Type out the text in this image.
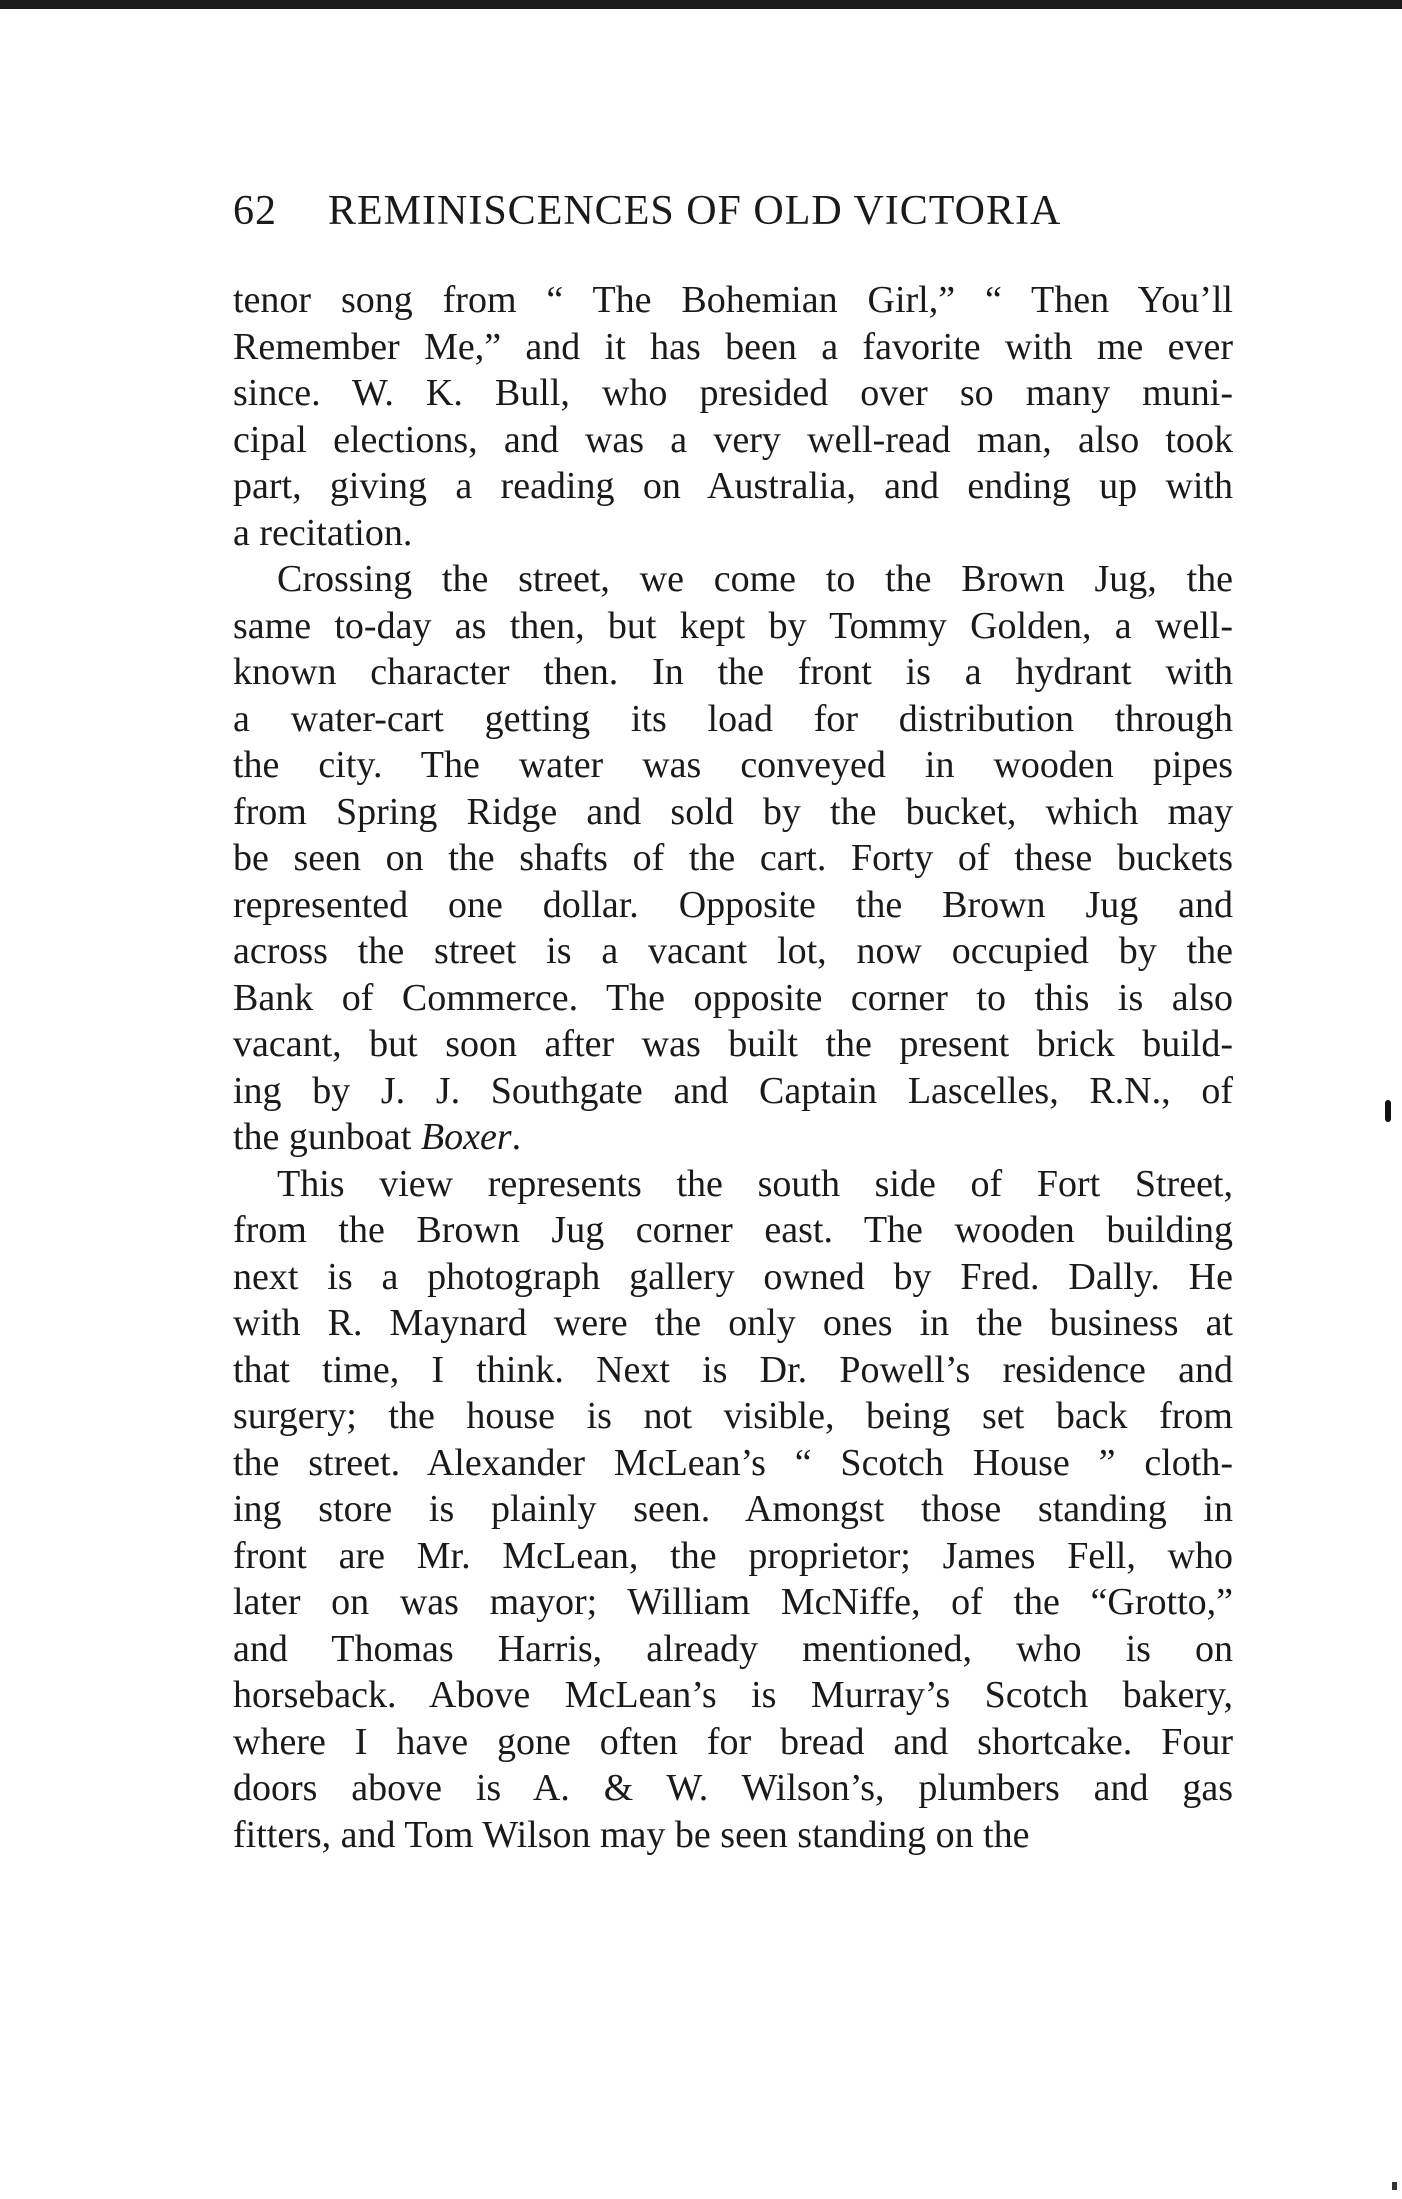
62 REMINISCENCES OF OLD VICTORIA
tenor song from “ The Bohemian Girl,” “ Then You’ll
Remember Me,” and it has been a favorite with me ever
since. W. K. Bull, who presided over so many muni-
cipal elections, and was a very well-read man, also took
part, giving a reading on Australia, and ending up with
a recitation.
Crossing the street, we come to the Brown Jug, the
same to-day as then, but kept by Tommy Golden, a well-
known character then. In the front is a hydrant with
a water-cart getting its load for distribution through
the city. The water was conveyed in wooden pipes
from Spring Ridge and sold by the bucket, which may
be seen on the shafts of the cart. Forty of these buckets
represented one dollar. Opposite the Brown Jug and
across the street is a vacant lot, now occupied by the
Bank of Commerce. The opposite corner to this is also
vacant, but soon after was built the present brick build-
ing by J. J. Southgate and Captain Lascelles, R.N., of
the gunboat Boxer.
This view represents the south side of Fort Street,
from the Brown Jug corner east. The wooden building
next is a photograph gallery owned by Fred. Dally. He
with R. Maynard were the only ones in the business at
that time, I think. Next is Dr. Powell’s residence and
surgery; the house is not visible, being set back from
the street. Alexander McLean’s “ Scotch House ” cloth-
ing store is plainly seen. Amongst those standing in
front are Mr. McLean, the proprietor; James Fell, who
later on was mayor; William McNiffe, of the “Grotto,”
and Thomas Harris, already mentioned, who is on
horseback. Above McLean’s is Murray’s Scotch bakery,
where I have gone often for bread and shortcake. Four
doors above is A. & W. Wilson’s, plumbers and gas
fitters, and Tom Wilson may be seen standing on the
